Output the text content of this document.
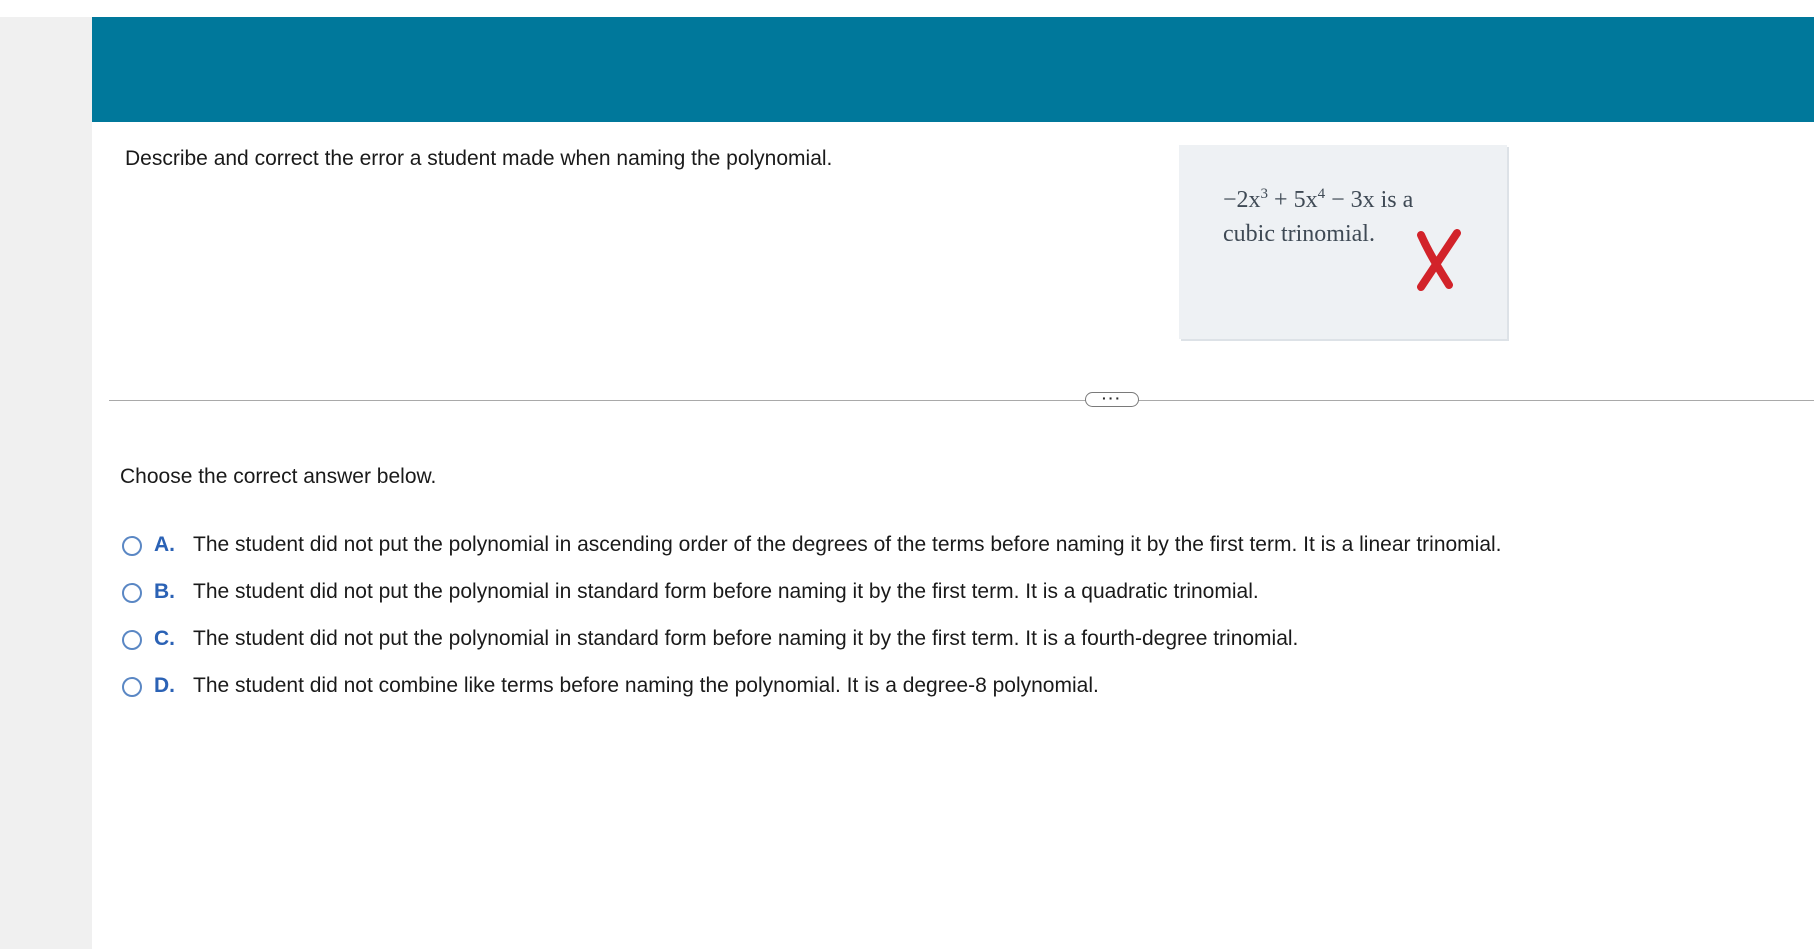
Describe and correct the error a student made when naming the polynomial.
$-2x^3 + 5x^4 - 3x$ is a
cubic trinomial.
···
Choose the correct answer below.
A. The student did not put the polynomial in ascending order of the degrees of the terms before naming it by the first term. It is a linear trinomial.
B. The student did not put the polynomial in standard form before naming it by the first term. It is a quadratic trinomial.
C. The student did not put the polynomial in standard form before naming it by the first term. It is a fourth-degree trinomial.
D. The student did not combine like terms before naming the polynomial. It is a degree-8 polynomial.
